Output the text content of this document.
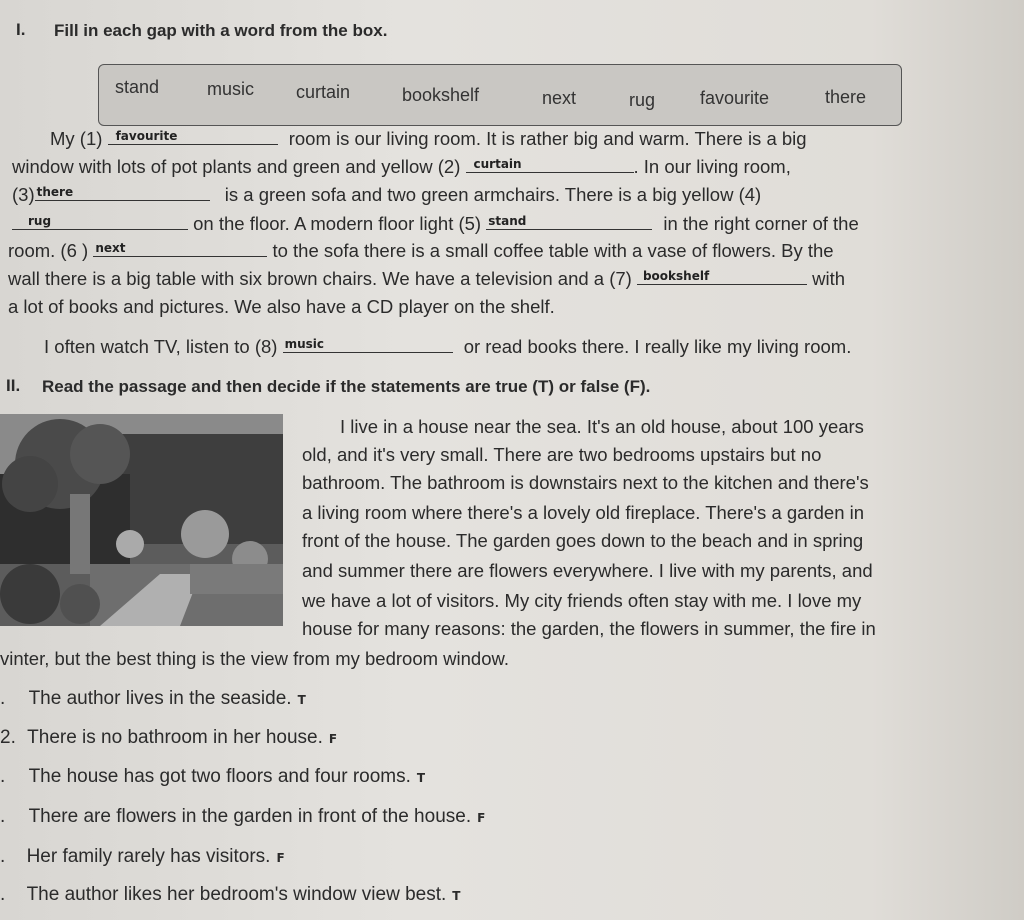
I. Fill in each gap with a word from the box.
stand	music curtain	bookshelf	next	rug favourite	there
My (1) favourite	room is our living room. It is rather big and warm. There is a big
window with lots of pot plants and green and yellow (2) curtain	. In our living room,
(3) there	is a green sofa and two green armchairs. There is a big yellow (4)
rug	on the floor. A modern floor light (5) stand	in the right corner of the
room. (6 ) next	to the sofa there is a small coffee table with a vase of flowers. By the
wall there is a big table with six brown chairs. We have a television and a (7) bookshelf	with
a lot of books and pictures. We also have a CD player on the shelf.
I often watch TV, listen to (8) music	or read books there. I really like my living room.
II. Read the passage and then decide if the statements are true (T) or false (F).
I live in a house near the sea. It's an old house, about 100 years
old, and it's very small. There are two bedrooms upstairs but no
bathroom. The bathroom is downstairs next to the kitchen and there's
a living room where there's a lovely old fireplace. There's a garden in
front of the house. The garden goes down to the beach and in spring
and summer there are flowers everywhere. I live with my parents, and
we have a lot of visitors. My city friends often stay with me. I love my
house for many reasons: the garden, the flowers in summer, the fire in
vinter, but the best thing is the view from my bedroom window.
. The author lives in the seaside. T
2. There is no bathroom in her house. F
. The house has got two floors and four rooms. T
. There are flowers in the garden in front of the house. F
. Her family rarely has visitors. F
. The author likes her bedroom's window view best. T
